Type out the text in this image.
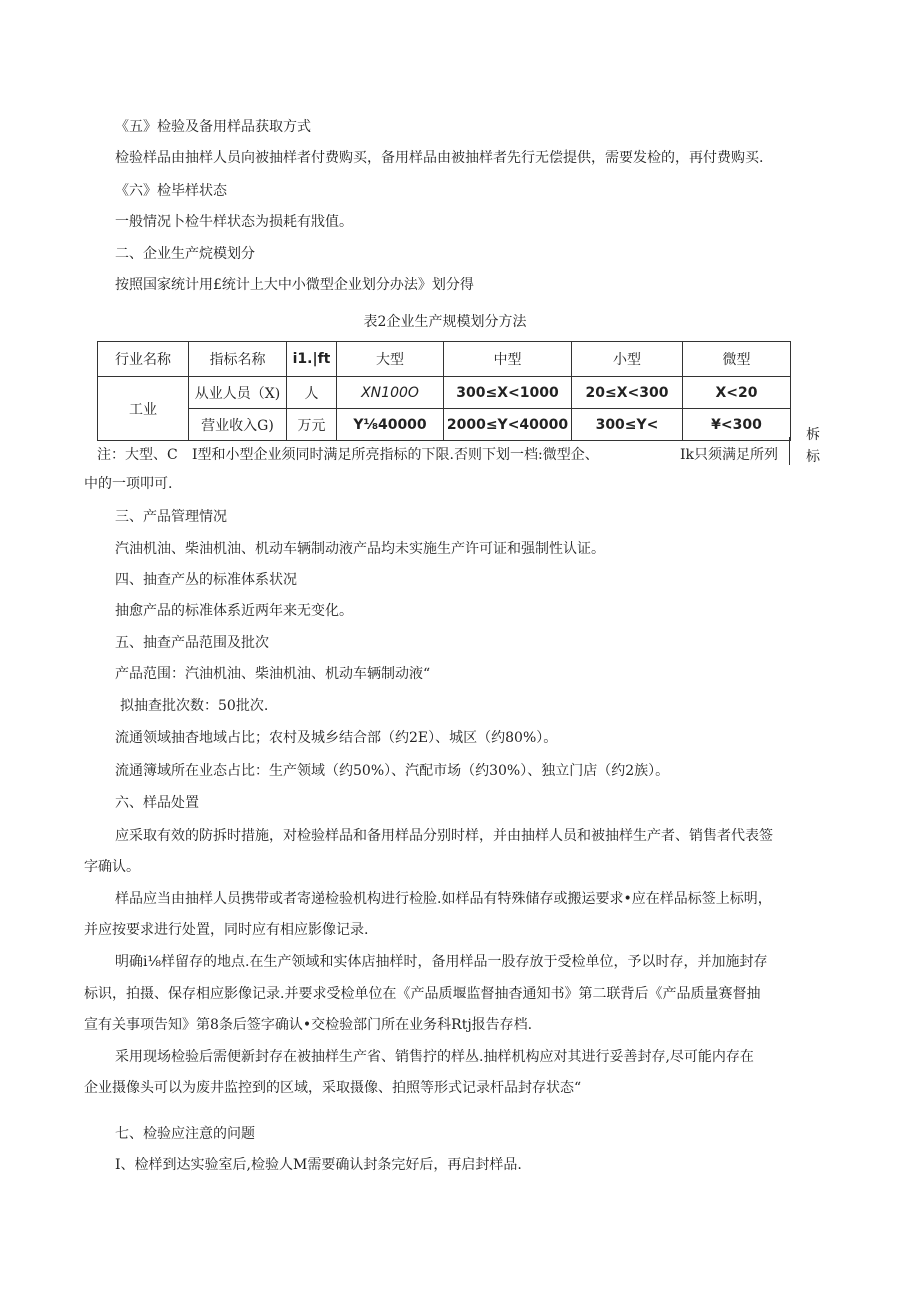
《五》检验及备用样品获取方式
检验样品由抽样人员向被抽样者付费购买，备用样品由被抽样者先行无偿提供，需要发检的，再付费购买.
《六》检毕样状态
一般情况卜检牛样状态为损耗有戕值。
二、企业生产烷模划分
按照国家统计用£统计上大中小微型企业划分办法》划分得
表2企业生产规模划分方法
行业名称	指标名称	i1.|ft	大型	中型	小型	微型
工业	从业人员（X)	人	XN100O	300≤X<1000	20≤X<300	X<20
	营业收入G)	万元	Y⅛40000	2000≤Y<40000	300≤Y<	¥<300
注：大型、C I型和小型企业须同时满足所亮指标的下限.否则下划一档:微型企、	Ik只须满足所列
柝
标
中的一项叩可.
三、产品管理情况
汽油机油、柴油机油、机动车辆制动液产品均未实施生产许可证和强制性认证。
四、抽查产丛的标准体系状况
抽愈产品的标准体系近两年来无变化。
五、抽查产品范围及批次
产品范围：汽油机油、柴油机油、机动车辆制动液“
拟抽查批次数：50批次.
流通领域抽杳地域占比；农村及城乡结合部（约2E）、城区（约80%）。
流通簿域所在业态占比：生产领域（约50%）、汽配市场（约30%）、独立门店（约2族）。
六、样品处置
应采取有效的防拆时措施，对检验样品和备用样品分别时样，并由抽样人员和被抽样生产者、销售者代表签
字确认。
样品应当由抽样人员携带或者寄递检验机构进行检脸.如样品有特殊储存或搬运要求•应在样品标签上标明，
并应按要求进行处置，同时应有相应影像记录.
明确i⅛样留存的地点.在生产领域和实体店抽样时，备用样品一股存放于受检单位，予以时存，并加施封存
标识，拍摄、保存相应影像记录.并要求受检单位在《产品质堰监督抽杳通知书》第二联背后《产品质量赛督抽
宣有关事项告知》第8条后签字确认•交检验部门所在业务科Rtj报告存档.
采用现场检验后需便新封存在被抽样生产省、销售拧的样丛.抽样机构应对其进行妥善封存,尽可能内存在
企业摄像头可以为废井监控到的区域，采取摄像、拍照等形式记录杆品封存状态“
七、检验应注意的问题
I、检样到达实验室后,检验人M需要确认封条完好后，再启封样品.
